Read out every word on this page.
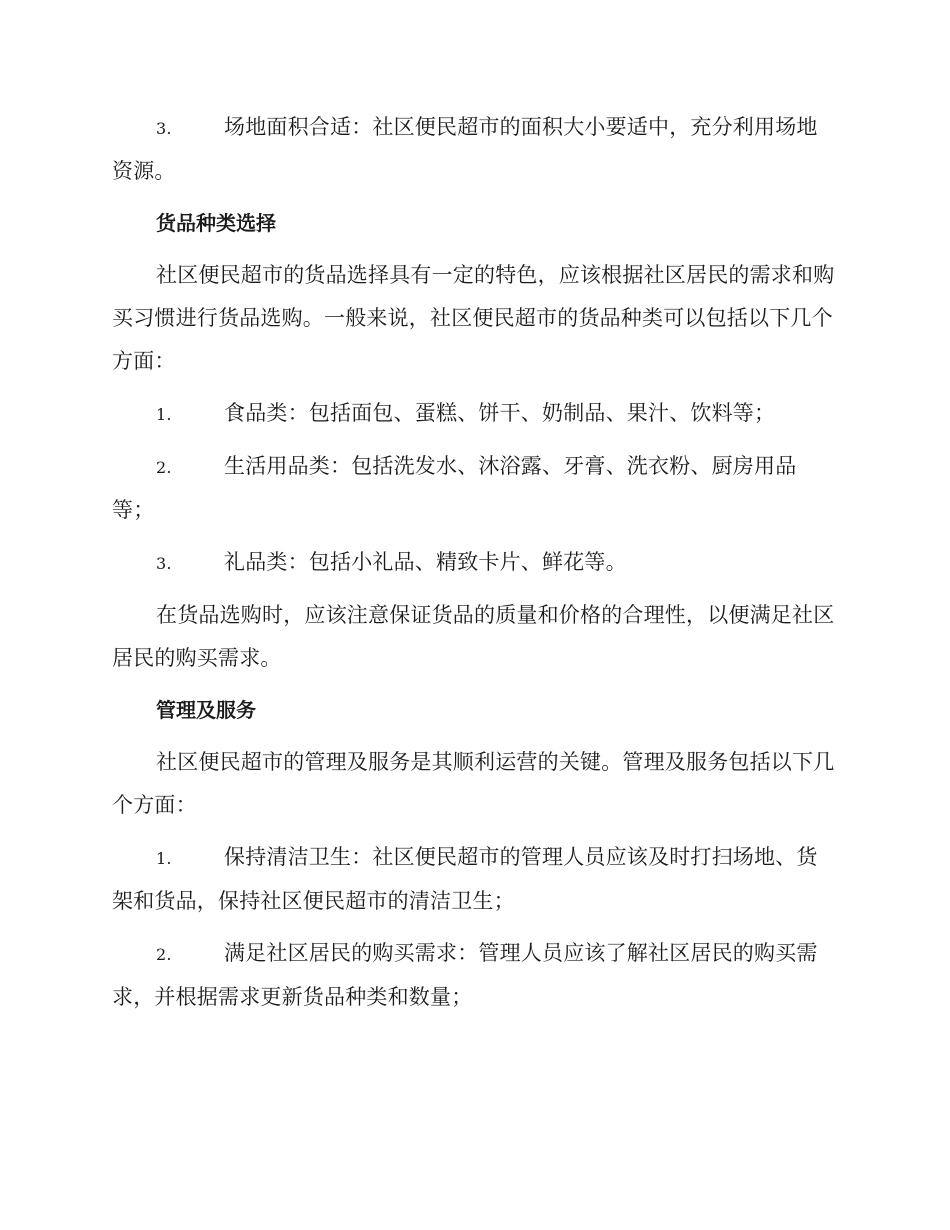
3. 场地面积合适：社区便民超市的面积大小要适中，充分利用场地资源。

货品种类选择

社区便民超市的货品选择具有一定的特色，应该根据社区居民的需求和购买习惯进行货品选购。一般来说，社区便民超市的货品种类可以包括以下几个方面：

1. 食品类：包括面包、蛋糕、饼干、奶制品、果汁、饮料等；

2. 生活用品类：包括洗发水、沐浴露、牙膏、洗衣粉、厨房用品等；

3. 礼品类：包括小礼品、精致卡片、鲜花等。

在货品选购时，应该注意保证货品的质量和价格的合理性，以便满足社区居民的购买需求。

管理及服务

社区便民超市的管理及服务是其顺利运营的关键。管理及服务包括以下几个方面：

1. 保持清洁卫生：社区便民超市的管理人员应该及时打扫场地、货架和货品，保持社区便民超市的清洁卫生；

2. 满足社区居民的购买需求：管理人员应该了解社区居民的购买需求，并根据需求更新货品种类和数量；
